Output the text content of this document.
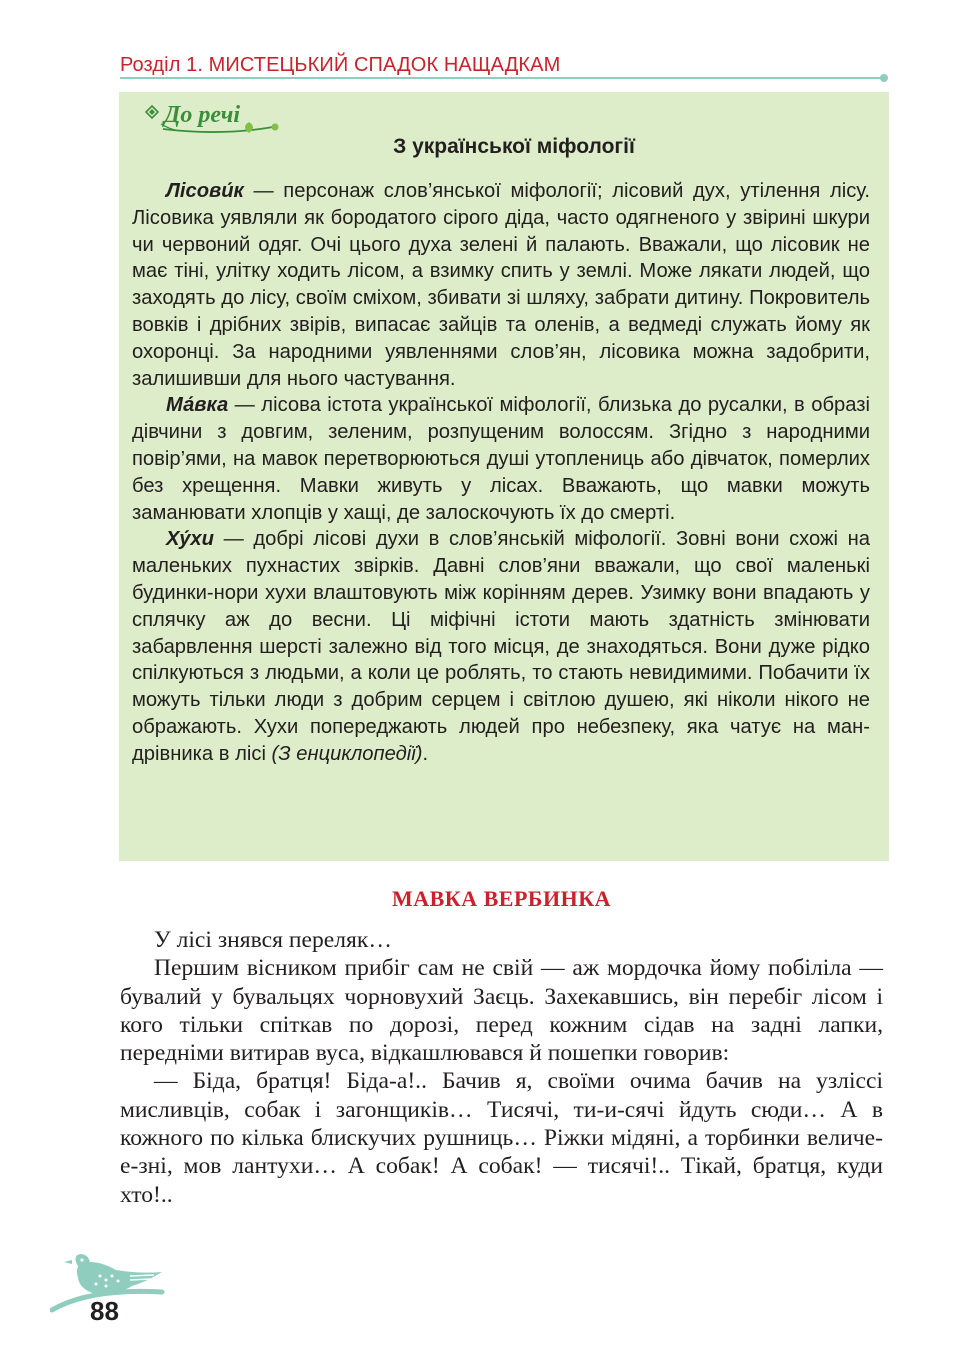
Розділ 1. МИСТЕЦЬКИЙ СПАДОК НАЩАДКАМ
До речі
З української міфології

Лісови́к — персонаж слов’янської міфології; лісовий дух, утілення лісу. Лісовика уявляли як бородатого сірого діда, часто одягненого у звірині шкури чи червоний одяг. Очі цього духа зелені й палають. Вважали, що лісовик не має тіні, улітку ходить лісом, а взимку спить у землі. Може лякати людей, що заходять до лісу, своїм сміхом, збивати зі шляху, забрати дитину. Покровитель вовків і дрібних звірів, випасає зайців та оленів, а ведмеді служать йому як охоронці. За народними уявленнями слов’ян, лісовика можна задобрити, залишивши для нього частування.

Ма́вка — лісова істота української міфології, близька до русалки, в образі дівчини з довгим, зеленим, розпущеним волоссям. Згідно з народними повір’ями, на мавок перетворюються душі утоплениць або дівчаток, померлих без хрещення. Мавки живуть у лісах. Вважають, що мавки можуть заманювати хлопців у хащі, де залоскочують їх до смерті.

Ху́хи — добрі лісові духи в слов’янській міфології. Зовні вони схожі на маленьких пухнастих звірків. Давні слов’яни вважали, що свої маленькі будинки-нори хухи влаштовують між корінням дерев. Узимку вони впадають у сплячку аж до весни. Ці міфічні істоти мають здатність змінювати забарвлення шерсті залежно від того місця, де знаходяться. Вони дуже рідко спілкуються з людьми, а коли це роблять, то стають невидимими. Побачити їх можуть тільки люди з добрим серцем і світлою душею, які ніколи нікого не ображають. Хухи попереджають людей про небезпеку, яка чатує на мандрівника в лісі (З енциклопедії).

МАВКА ВЕРБИНКА

У лісі знявся переляк…

Першим вісником прибіг сам не свій — аж мордочка йому побіліла — бувалий у бувальцях чорновухий Заєць. Захекавшись, він перебіг лісом і кого тільки спіткав по дорозі, перед кожним сідав на задні лапки, передніми витирав вуса, відкашлювався й пошепки говорив:

— Біда, братця! Біда-а!.. Бачив я, своїми очима бачив на узліссі мисливців, собак і загонщиків… Тисячі, ти-и-сячі йдуть сюди… А в кожного по кілька блискучих рушниць… Ріжки мідяні, а торбинки величе-е-зні, мов лантухи… А собак! А собак! — тисячі!.. Тікай, братця, куди хто!..

88
